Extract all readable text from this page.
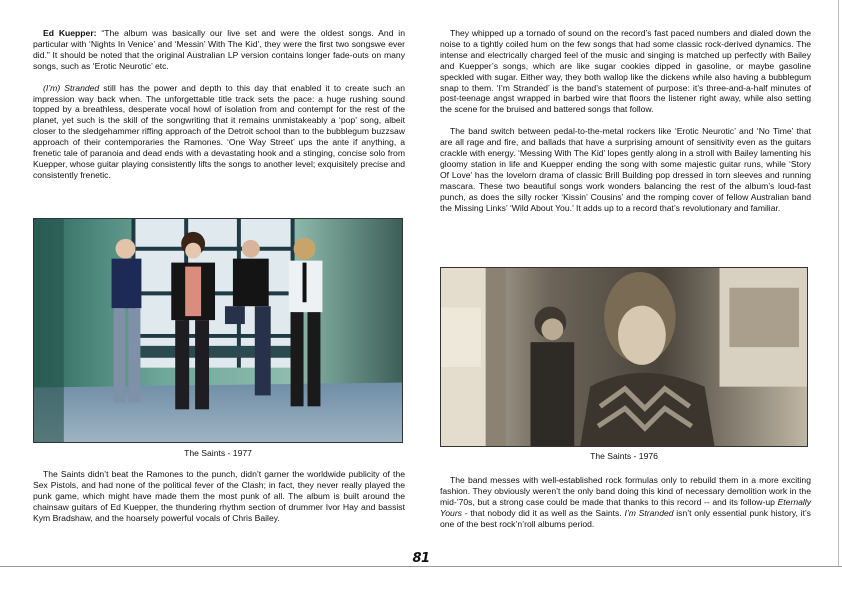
Ed Kuepper: “The album was basically our live set and were the oldest songs. And in particular with ‘Nights In Venice’ and ‘Messin’ With The Kid’, they were the first two songswe ever did.” It should be noted that the original Australian LP version contains longer fade-outs on many songs, such as ‘Erotic Neurotic’ etc.

(I’m) Stranded still has the power and depth to this day that enabled it to create such an impression way back when. The unforgettable title track sets the pace: a huge rushing sound topped by a breathless, desperate vocal howl of isolation from and contempt for the rest of the planet, yet such is the skill of the songwriting that it remains unmistakeably a ‘pop’ song, albeit closer to the sledgehammer riffing approach of the Detroit school than to the bubblegum buzzsaw approach of their contemporaries the Ramones. ‘One Way Street’ ups the ante if anything, a frenetic tale of paranoia and dead ends with a devastating hook and a stinging, concise solo from Kuepper, whose guitar playing consistently lifts the songs to another level; exquisitely precise and consistently frenetic.

The Saints - 1977

The Saints didn’t beat the Ramones to the punch, didn’t garner the worldwide publicity of the Sex Pistols, and had none of the political fever of the Clash; in fact, they never really played the punk game, which might have made them the most punk of all. The album is built around the chainsaw guitars of Ed Kuepper, the thundering rhythm section of drummer Ivor Hay and bassist Kym Bradshaw, and the hoarsely powerful vocals of Chris Bailey.

They whipped up a tornado of sound on the record’s fast paced numbers and dialed down the noise to a tightly coiled hum on the few songs that had some classic rock-derived dynamics. The intense and electrically charged feel of the music and singing is matched up perfectly with Bailey and Kuepper’s songs, which are like sugar cookies dipped in gasoline, or maybe gasoline speckled with sugar. Either way, they both wallop like the dickens while also having a bubblegum snap to them. ‘I’m Stranded’ is the band’s statement of purpose: it’s three-and-a-half minutes of post-teenage angst wrapped in barbed wire that floors the listener right away, while also setting the scene for the bruised and battered songs that follow.

The band switch between pedal-to-the-metal rockers like ‘Erotic Neurotic’ and ‘No Time’ that are all rage and fire, and ballads that have a surprising amount of sensitivity even as the guitars crackle with energy. ‘Messing With The Kid’ lopes gently along in a stroll with Bailey lamenting his gloomy station in life and Kuepper ending the song with some majestic guitar runs, while ‘Story Of Love’ has the lovelorn drama of classic Brill Building pop dressed in torn sleeves and running mascara. These two beautiful songs work wonders balancing the rest of the album’s loud-fast punch, as does the silly rocker ‘Kissin’ Cousins’ and the romping cover of fellow Australian band the Missing Links’ ‘Wild About You.’ It adds up to a record that’s revolutionary and familiar.

The Saints - 1976

The band messes with well-established rock formulas only to rebuild them in a more exciting fashion. They obviously weren’t the only band doing this kind of necessary demolition work in the mid-’70s, but a strong case could be made that thanks to this record -- and its follow-up Eternally Yours - that nobody did it as well as the Saints. I’m Stranded isn’t only essential punk history, it’s one of the best rock’n’roll albums period.

81
